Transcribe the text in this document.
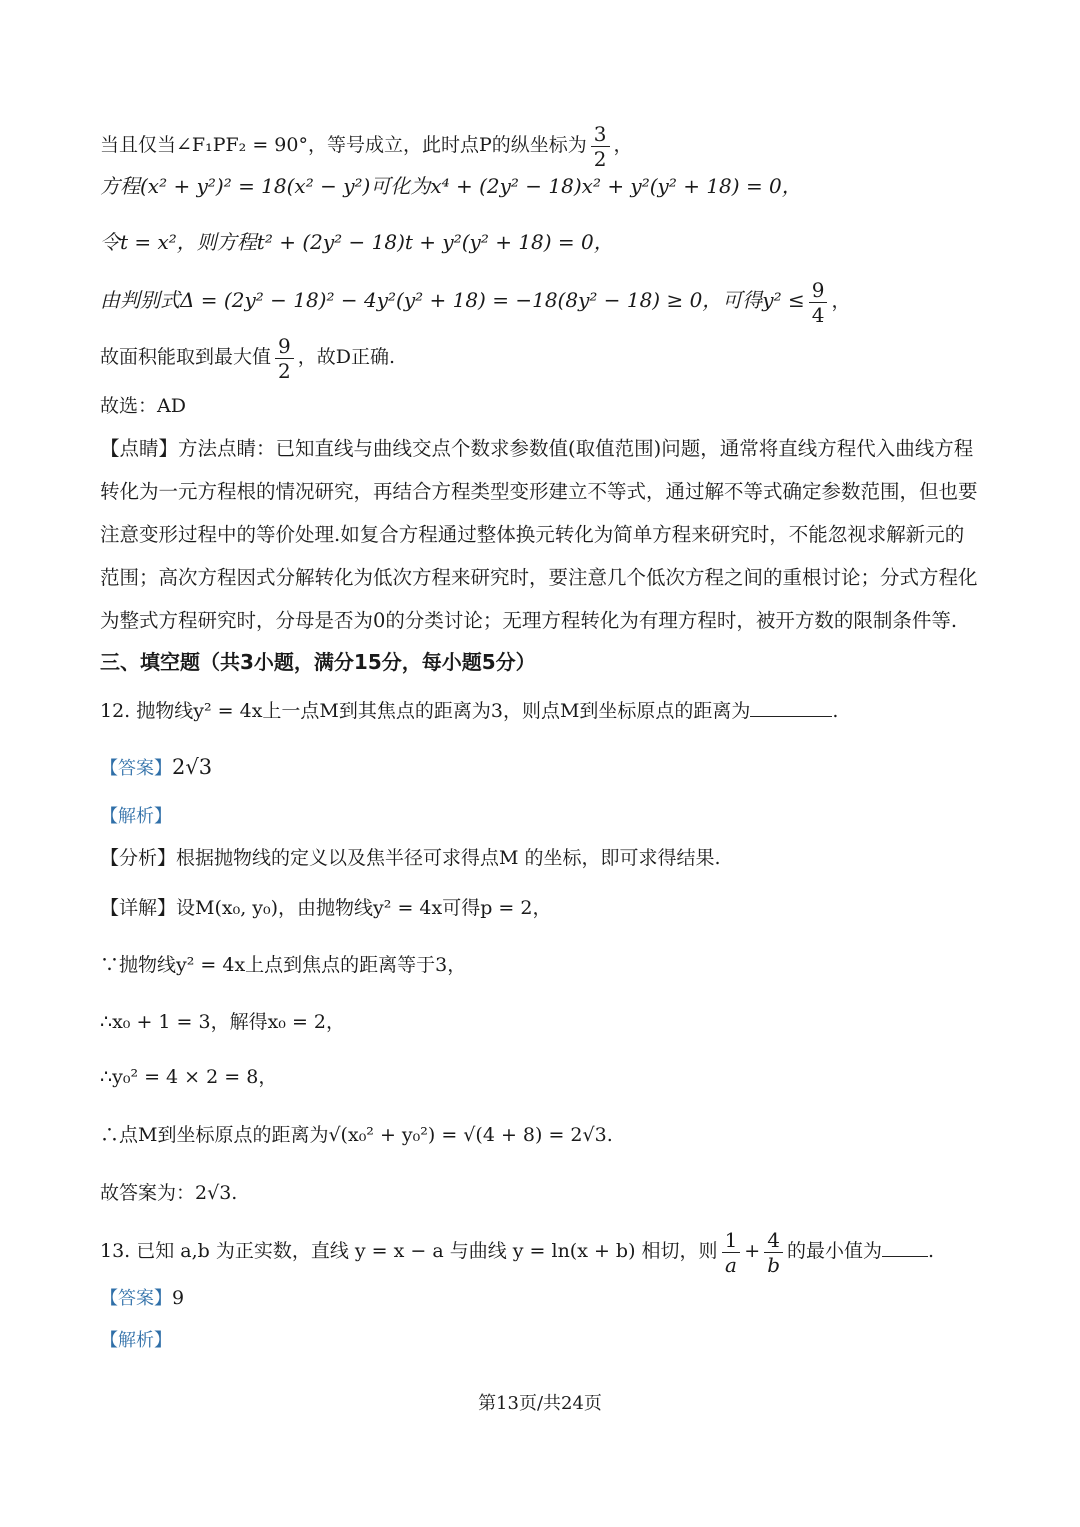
当且仅当∠F₁PF₂ = 90°，等号成立，此时点P的纵坐标为 $\frac{3}{2}$ ，
方程(x² + y²)² = 18(x² − y²)可化为x⁴ + (2y² − 18)x² + y²(y² + 18) = 0，
令t = x²，则方程t² + (2y² − 18)t + y²(y² + 18) = 0，
由判别式Δ = (2y² − 18)² − 4y²(y² + 18) = −18(8y² − 18) ≥ 0，可得$y^2 \le \frac{9}{4}$ ，
故面积能取到最大值 $\frac{9}{2}$ ，故D正确.
故选：AD
【点睛】方法点睛：已知直线与曲线交点个数求参数值(取值范围)问题，通常将直线方程代入曲线方程转化为一元方程根的情况研究，再结合方程类型变形建立不等式，通过解不等式确定参数范围，但也要注意变形过程中的等价处理.如复合方程通过整体换元转化为简单方程来研究时，不能忽视求解新元的范围；高次方程因式分解转化为低次方程来研究时，要注意几个低次方程之间的重根讨论；分式方程化为整式方程研究时，分母是否为0的分类讨论；无理方程转化为有理方程时，被开方数的限制条件等.
三、填空题（共3小题，满分15分，每小题5分）
12. 抛物线y² = 4x上一点M到其焦点的距离为3，则点M到坐标原点的距离为	.
【答案】2√3
【解析】
【分析】根据抛物线的定义以及焦半径可求得点M 的坐标，即可求得结果.
【详解】设M(x₀, y₀)，由抛物线y² = 4x可得p = 2，
∵抛物线y² = 4x上点到焦点的距离等于3，
∴x₀ + 1 = 3，解得x₀ = 2，
∴y₀² = 4 × 2 = 8，
∴点M到坐标原点的距离为√(x₀² + y₀²) = √(4 + 8) = 2√3.
故答案为：2√3.
13. 已知 a,b 为正实数，直线 y = x − a 与曲线 y = ln(x + b) 相切，则 $\frac{1}{a} + \frac{4}{b}$ 的最小值为 .
【答案】9
【解析】
第13页/共24页
